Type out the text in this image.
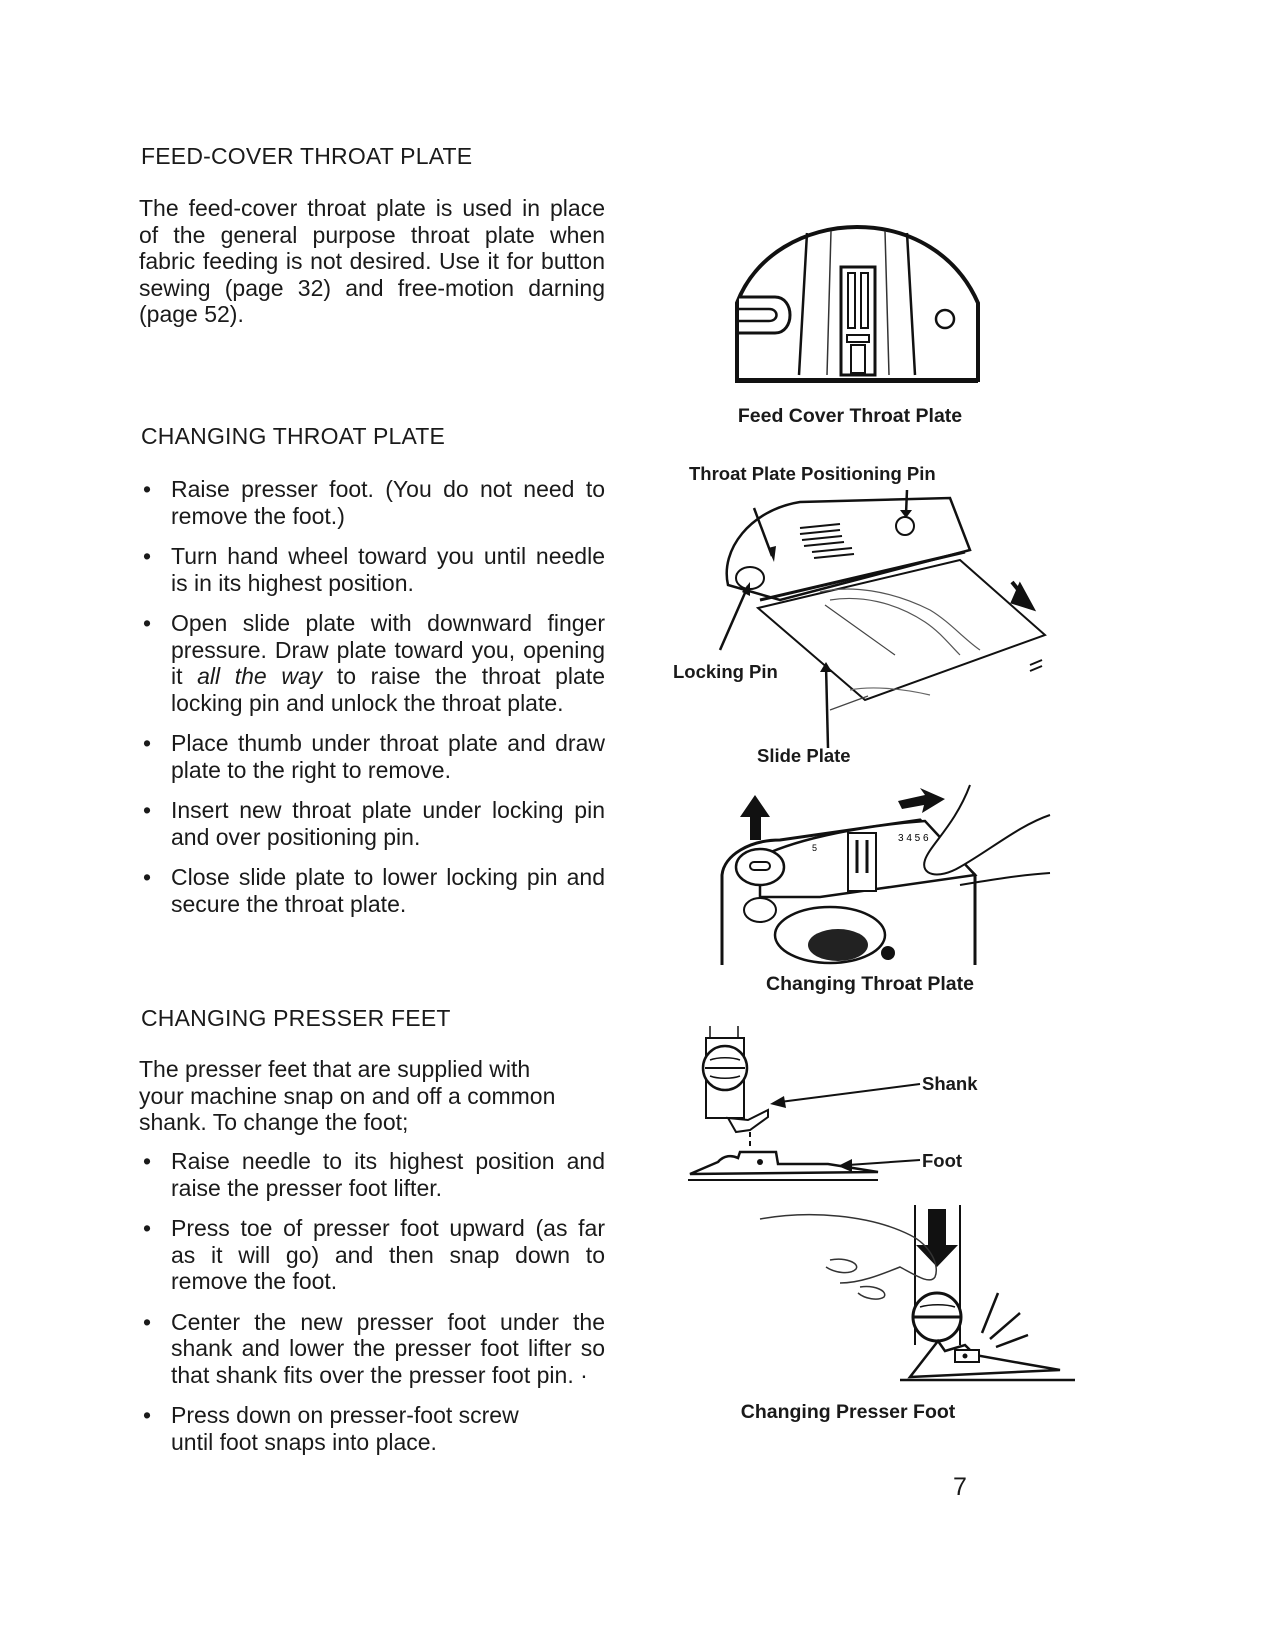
FEED-COVER THROAT PLATE
The feed-cover throat plate is used in place of the general purpose throat plate when fabric feeding is not desired. Use it for button sewing (page 32) and free-motion darning (page 52).
CHANGING THROAT PLATE
• Raise presser foot. (You do not need to remove the foot.)
• Turn hand wheel toward you until needle is in its highest position.
• Open slide plate with downward finger pressure. Draw plate toward you, opening it all the way to raise the throat plate locking pin and unlock the throat plate.
• Place thumb under throat plate and draw plate to the right to remove.
• Insert new throat plate under locking pin and over positioning pin.
• Close slide plate to lower locking pin and secure the throat plate.
CHANGING PRESSER FEET
The presser feet that are supplied with your machine snap on and off a common shank. To change the foot;
• Raise needle to its highest position and raise the presser foot lifter.
• Press toe of presser foot upward (as far as it will go) and then snap down to remove the foot.
• Center the new presser foot under the shank and lower the presser foot lifter so that shank fits over the presser foot pin. ·
• Press down on presser-foot screw until foot snaps into place.
Feed Cover Throat Plate
Throat Plate Positioning Pin
Locking Pin
Slide Plate
5
3 4 5 6
Changing Throat Plate
Shank
Foot
Changing Presser Foot
7
